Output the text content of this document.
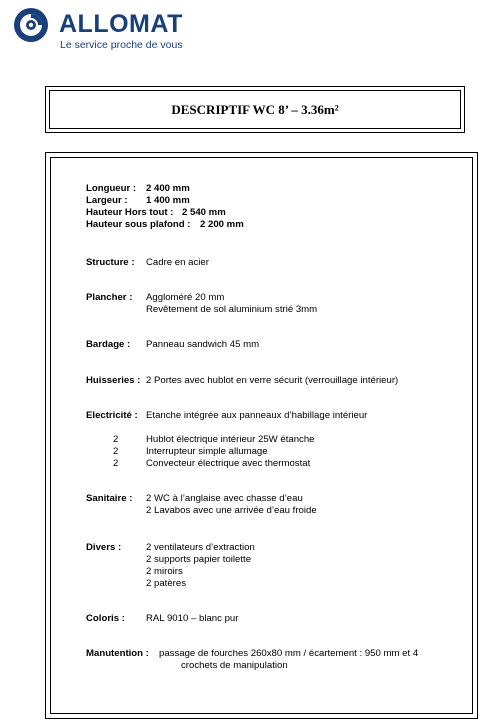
ALLOMAT
Le service proche de vous
DESCRIPTIF WC 8’ – 3.36m²
Longueur : 2 400 mm
Largeur : 1 400 mm
Hauteur Hors tout : 2 540 mm
Hauteur sous plafond : 2 200 mm
Structure : Cadre en acier
Plancher : Aggloméré 20 mm
Revêtement de sol aluminium strié 3mm
Bardage : Panneau sandwich 45 mm
Huisseries : 2 Portes avec hublot en verre sécurit (verrouillage intérieur)
Electricité : Etanche intégrée aux panneaux d’habillage intérieur
2	Hublot électrique intérieur 25W étanche
2	Interrupteur simple allumage
2	Convecteur électrique avec thermostat
Sanitaire : 2 WC à l’anglaise avec chasse d’eau
2 Lavabos avec une arrivée d’eau froide
Divers :	2 ventilateurs d’extraction
2 supports papier toilette
2 miroirs
2 patères
Coloris : RAL 9010 – blanc pur
Manutention : passage de fourches 260x80 mm / écartement : 950 mm et 4
crochets de manipulation
